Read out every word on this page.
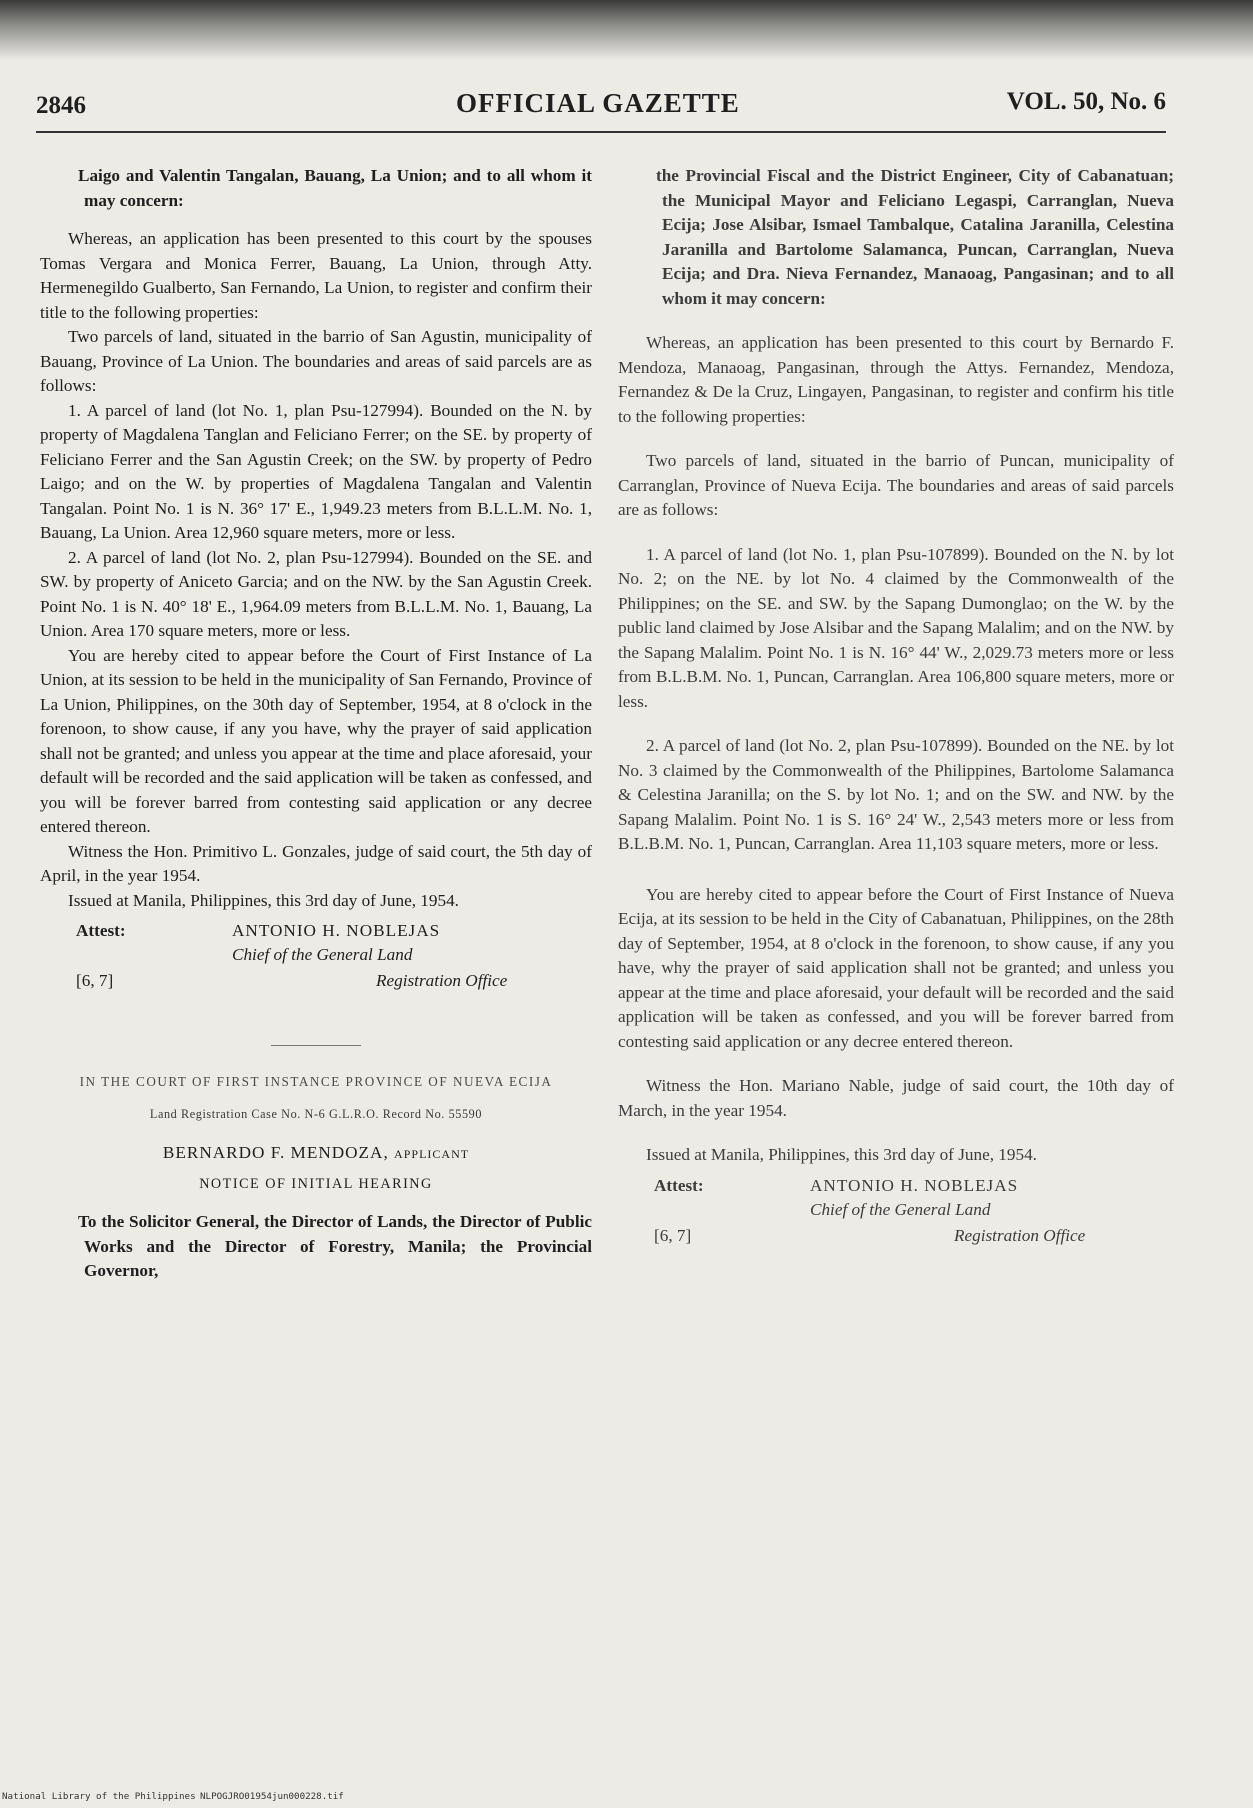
2846	OFFICIAL GAZETTE	VOL. 50, No. 6

Laigo and Valentin Tangalan, Bauang, La Union; and to all whom it may concern:

Whereas, an application has been presented to this court by the spouses Tomas Vergara and Monica Ferrer, Bauang, La Union, through Atty. Hermenegildo Gualberto, San Fernando, La Union, to register and confirm their title to the following properties:

Two parcels of land, situated in the barrio of San Agustin, municipality of Bauang, Province of La Union. The boundaries and areas of said parcels are as follows:

1. A parcel of land (lot No. 1, plan Psu-127994). Bounded on the N. by property of Magdalena Tanglan and Feliciano Ferrer; on the SE. by property of Feliciano Ferrer and the San Agustin Creek; on the SW. by property of Pedro Laigo; and on the W. by properties of Magdalena Tangalan and Valentin Tangalan. Point No. 1 is N. 36° 17' E., 1,949.23 meters from B.L.L.M. No. 1, Bauang, La Union. Area 12,960 square meters, more or less.

2. A parcel of land (lot No. 2, plan Psu-127994). Bounded on the SE. and SW. by property of Aniceto Garcia; and on the NW. by the San Agustin Creek. Point No. 1 is N. 40° 18' E., 1,964.09 meters from B.L.L.M. No. 1, Bauang, La Union. Area 170 square meters, more or less.

You are hereby cited to appear before the Court of First Instance of La Union, at its session to be held in the municipality of San Fernando, Province of La Union, Philippines, on the 30th day of September, 1954, at 8 o'clock in the forenoon, to show cause, if any you have, why the prayer of said application shall not be granted; and unless you appear at the time and place aforesaid, your default will be recorded and the said application will be taken as confessed, and you will be forever barred from contesting said application or any decree entered thereon.

Witness the Hon. Primitivo L. Gonzales, judge of said court, the 5th day of April, in the year 1954.

Issued at Manila, Philippines, this 3rd day of June, 1954.

Attest:	ANTONIO H. NOBLEJAS
Chief of the General Land
[6, 7]	Registration Office
IN THE COURT OF FIRST INSTANCE PROVINCE OF NUEVA ECIJA
Land Registration Case No. N-6 G.L.R.O. Record No. 55590
BERNARDO F. MENDOZA, applicant
NOTICE OF INITIAL HEARING

To the Solicitor General, the Director of Lands, the Director of Public Works and the Director of Forestry, Manila; the Provincial Governor,

the Provincial Fiscal and the District Engineer, City of Cabanatuan; the Municipal Mayor and Feliciano Legaspi, Carranglan, Nueva Ecija; Jose Alsibar, Ismael Tambalque, Catalina Jaranilla, Celestina Jaranilla and Bartolome Salamanca, Puncan, Carranglan, Nueva Ecija; and Dra. Nieva Fernandez, Manaoag, Pangasinan; and to all whom it may concern:

Whereas, an application has been presented to this court by Bernardo F. Mendoza, Manaoag, Pangasinan, through the Attys. Fernandez, Mendoza, Fernandez & De la Cruz, Lingayen, Pangasinan, to register and confirm his title to the following properties:

Two parcels of land, situated in the barrio of Puncan, municipality of Carranglan, Province of Nueva Ecija. The boundaries and areas of said parcels are as follows:

1. A parcel of land (lot No. 1, plan Psu-107899). Bounded on the N. by lot No. 2; on the NE. by lot No. 4 claimed by the Commonwealth of the Philippines; on the SE. and SW. by the Sapang Dumonglao; on the W. by the public land claimed by Jose Alsibar and the Sapang Malalim; and on the NW. by the Sapang Malalim. Point No. 1 is N. 16° 44' W., 2,029.73 meters more or less from B.L.B.M. No. 1, Puncan, Carranglan. Area 106,800 square meters, more or less.

2. A parcel of land (lot No. 2, plan Psu-107899). Bounded on the NE. by lot No. 3 claimed by the Commonwealth of the Philippines, Bartolome Salamanca & Celestina Jaranilla; on the S. by lot No. 1; and on the SW. and NW. by the Sapang Malalim. Point No. 1 is S. 16° 24' W., 2,543 meters more or less from B.L.B.M. No. 1, Puncan, Carranglan. Area 11,103 square meters, more or less.

You are hereby cited to appear before the Court of First Instance of Nueva Ecija, at its session to be held in the City of Cabanatuan, Philippines, on the 28th day of September, 1954, at 8 o'clock in the forenoon, to show cause, if any you have, why the prayer of said application shall not be granted; and unless you appear at the time and place aforesaid, your default will be recorded and the said application will be taken as confessed, and you will be forever barred from contesting said application or any decree entered thereon.

Witness the Hon. Mariano Nable, judge of said court, the 10th day of March, in the year 1954.

Issued at Manila, Philippines, this 3rd day of June, 1954.

Attest:	ANTONIO H. NOBLEJAS
Chief of the General Land
[6, 7]	Registration Office
National Library of the Philippines NLPOGJRO01954jun000228.tif
